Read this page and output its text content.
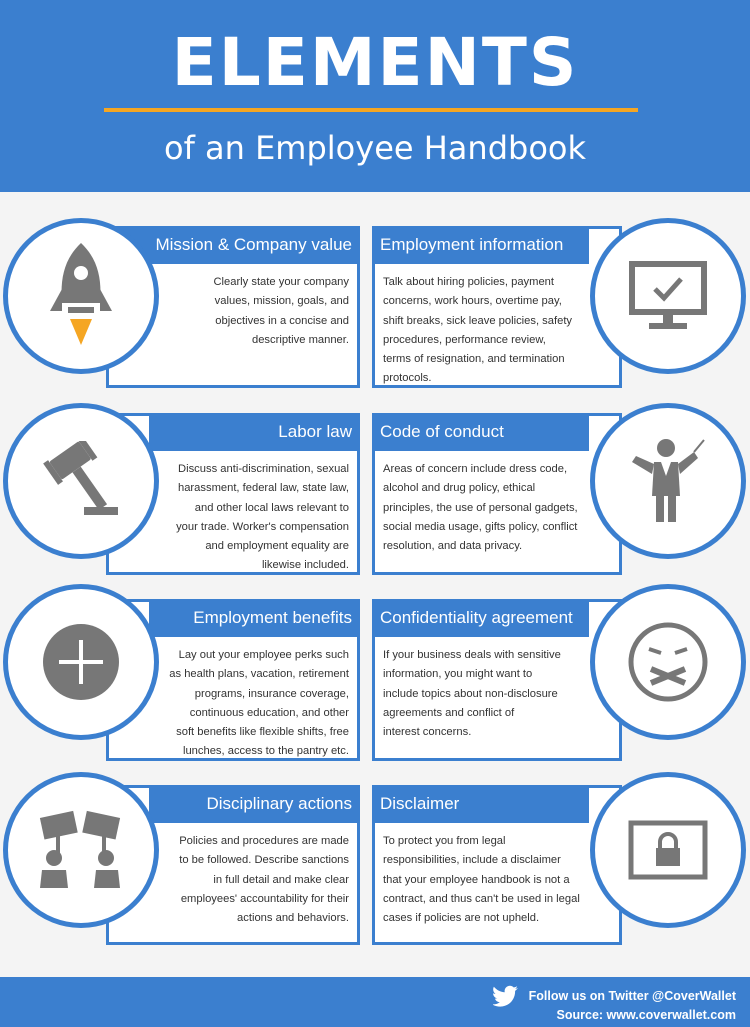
ELEMENTS
of an Employee Handbook
Mission & Company value
Clearly state your company
values, mission, goals, and
objectives in a concise and
descriptive manner.
Employment information
Talk about hiring policies, payment
concerns, work hours, overtime pay,
shift breaks, sick leave policies, safety
procedures, performance review,
terms of resignation, and termination
protocols.
Labor law
Discuss anti-discrimination, sexual
harassment, federal law, state law,
and other local laws relevant to
your trade. Worker's compensation
and employment equality are
likewise included.
Code of conduct
Areas of concern include dress code,
alcohol and drug policy, ethical
principles, the use of personal gadgets,
social media usage, gifts policy, conflict
resolution, and data privacy.
Employment benefits
Lay out your employee perks such
as health plans, vacation, retirement
programs, insurance coverage,
continuous education, and other
soft benefits like flexible shifts, free
lunches, access to the pantry etc.
Confidentiality agreement
If your business deals with sensitive
information, you might want to
include topics about non-disclosure
agreements and conflict of
interest concerns.
Disciplinary actions
Policies and procedures are made
to be followed. Describe sanctions
in full detail and make clear
employees' accountability for their
actions and behaviors.
Disclaimer
To protect you from legal
responsibilities, include a disclaimer
that your employee handbook is not a
contract, and thus can't be used in legal
cases if policies are not upheld.
Follow us on Twitter @CoverWallet
Source: www.coverwallet.com
